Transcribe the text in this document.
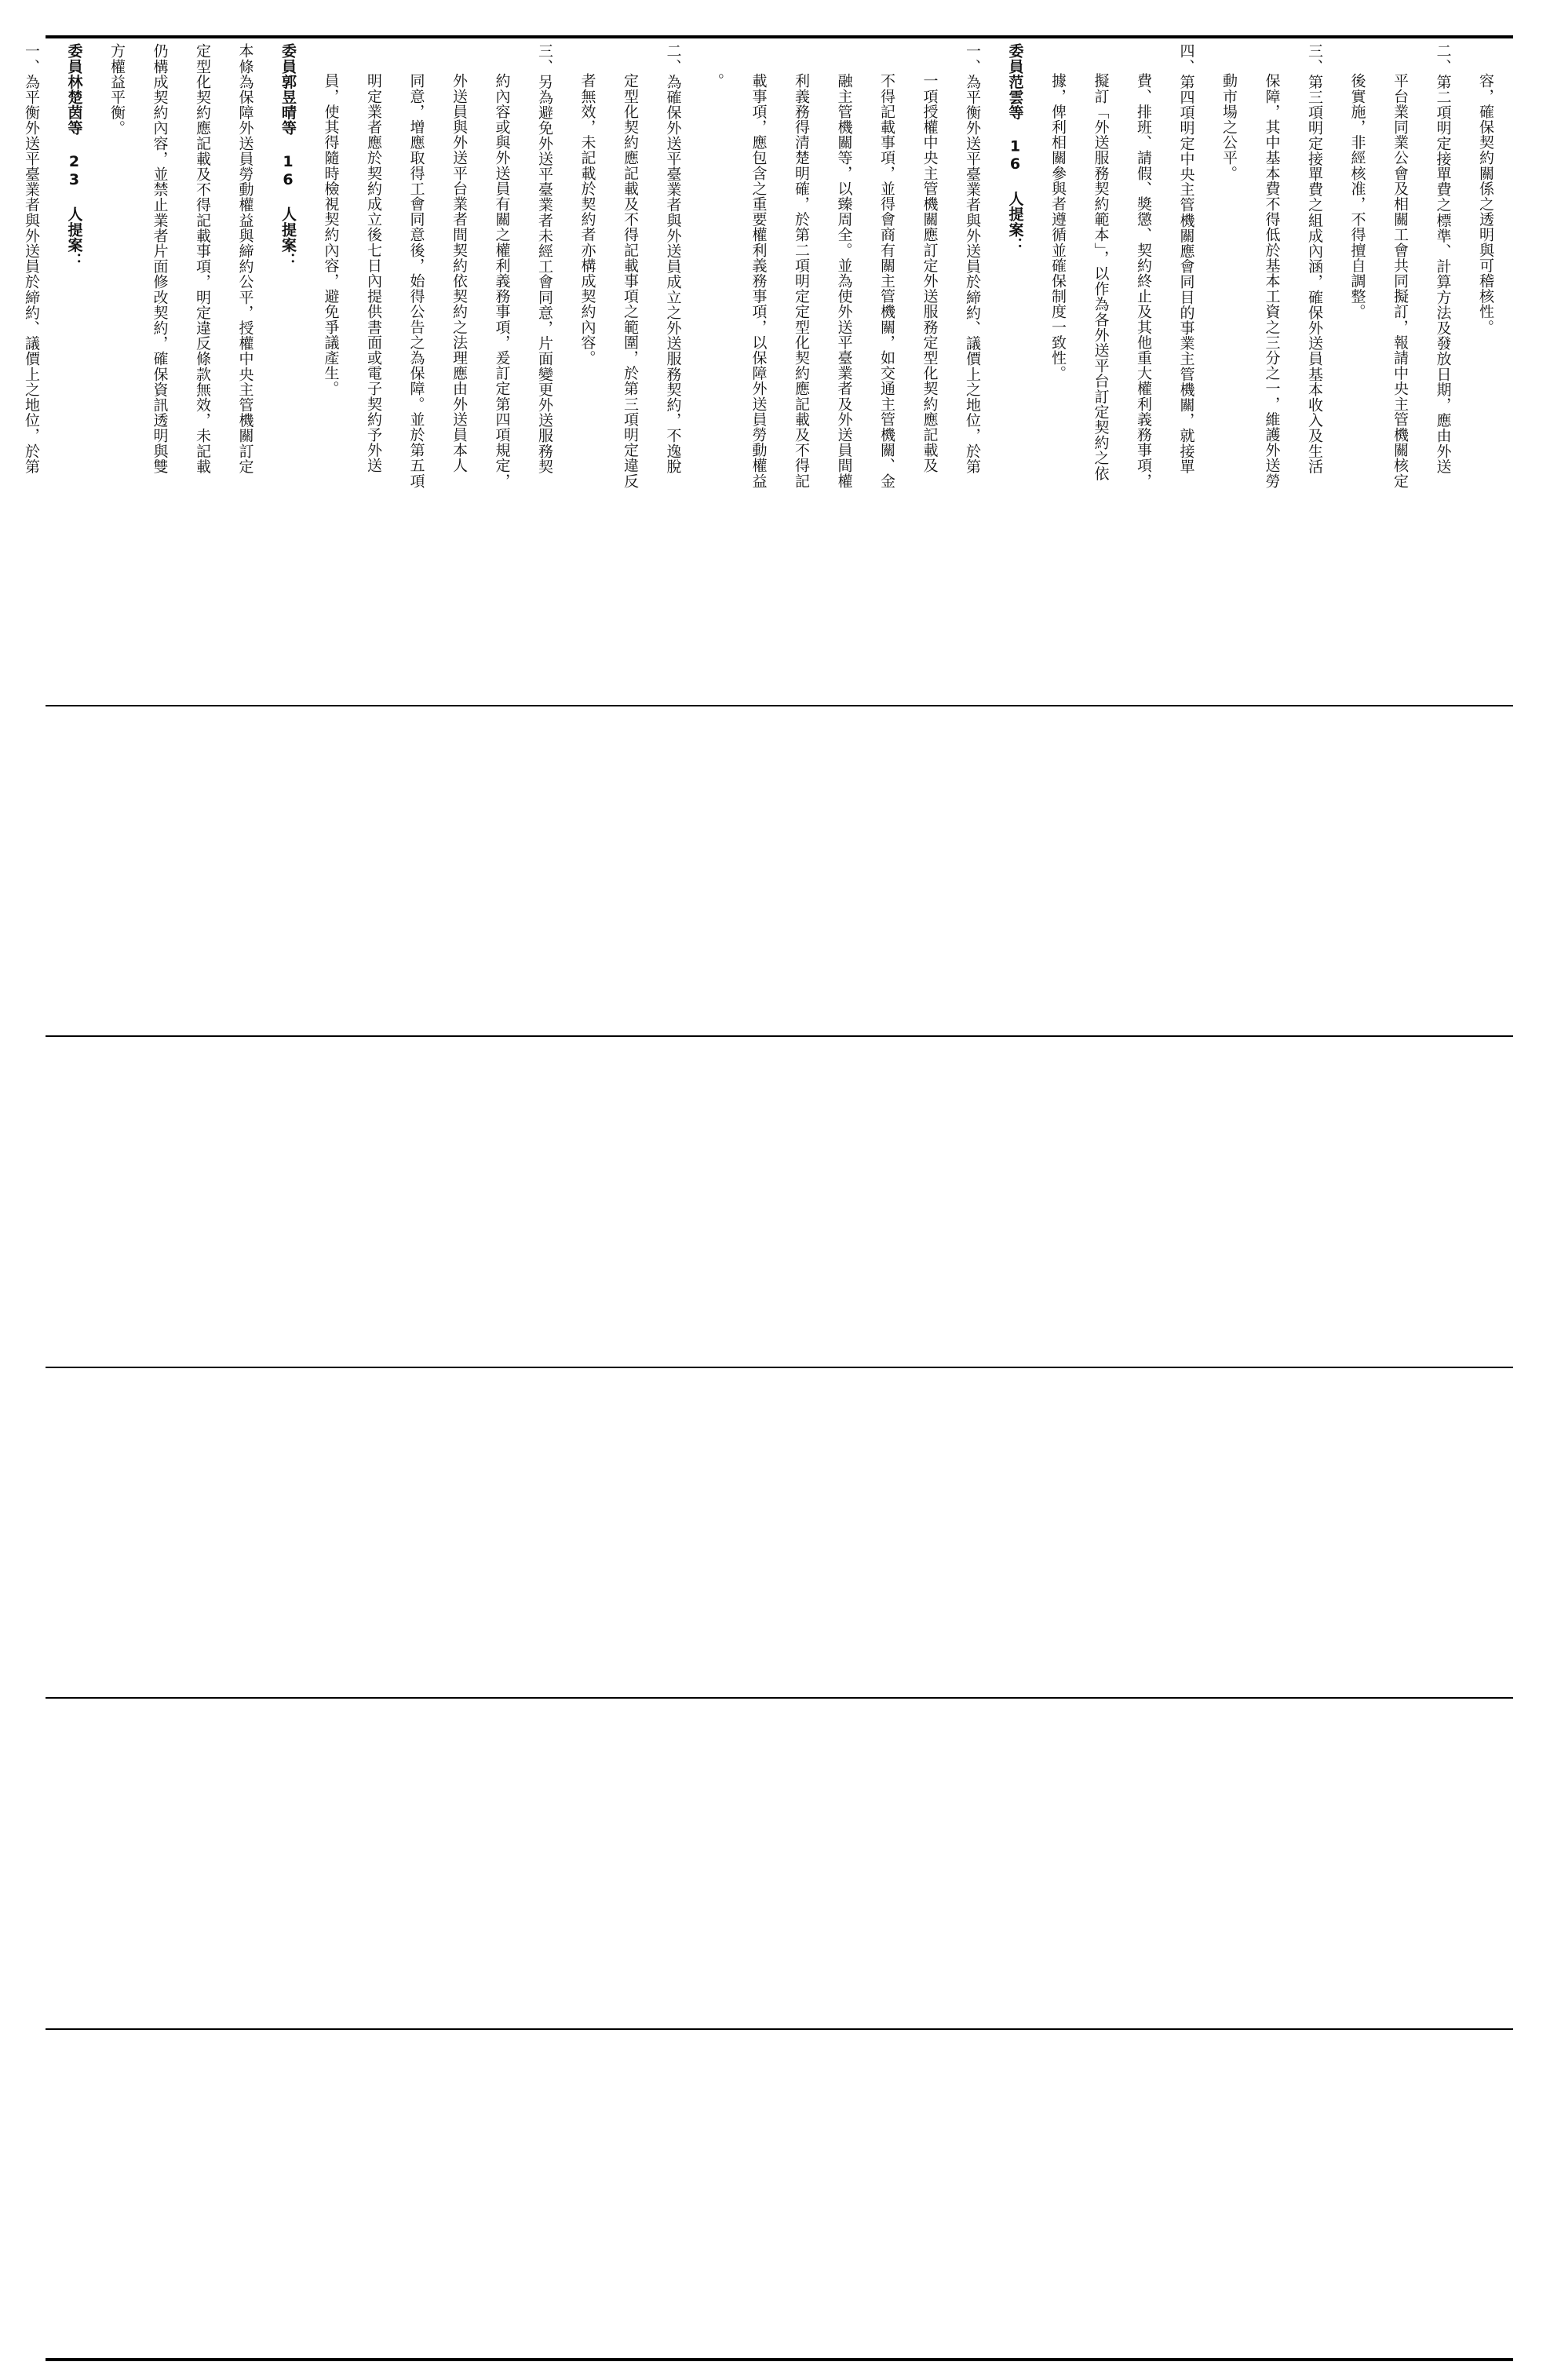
容，確保契約關係之透明與可稽核性。
二、第二項明定接單費之標準、計算方法及發放日期，應由外送
平台業同業公會及相關工會共同擬訂，報請中央主管機關核定
後實施，非經核准，不得擅自調整。
三、第三項明定接單費之組成內涵，確保外送員基本收入及生活
保障，其中基本費不得低於基本工資之三分之一，維護外送勞
動市場之公平。
四、第四項明定中央主管機關應會同目的事業主管機關，就接單
費、排班、請假、獎懲、契約終止及其他重大權利義務事項，
擬訂「外送服務契約範本」，以作為各外送平台訂定契約之依
據，俾利相關參與者遵循並確保制度一致性。
委員范雲等 16 人提案：
一、為平衡外送平臺業者與外送員於締約、議價上之地位，於第
一項授權中央主管機關應訂定外送服務定型化契約應記載及
不得記載事項，並得會商有關主管機關，如交通主管機關、金
融主管機關等，以臻周全。並為使外送平臺業者及外送員間權
利義務得清楚明確，於第二項明定定型化契約應記載及不得記
載事項，應包含之重要權利義務事項，以保障外送員勞動權益
。
二、為確保外送平臺業者與外送員成立之外送服務契約，不逸脫
定型化契約應記載及不得記載事項之範圍，於第三項明定違反
者無效，未記載於契約者亦構成契約內容。
三、另為避免外送平臺業者未經工會同意，片面變更外送服務契
約內容或與外送員有關之權利義務事項，爰訂定第四項規定，
外送員與外送平台業者間契約依契約之法理應由外送員本人
同意，增應取得工會同意後，始得公告之為保障。並於第五項
明定業者應於契約成立後七日內提供書面或電子契約予外送
員，使其得隨時檢視契約內容，避免爭議產生。
委員郭昱晴等 16 人提案：
本條為保障外送員勞動權益與締約公平，授權中央主管機關訂定
定型化契約應記載及不得記載事項，明定違反條款無效，未記載
仍構成契約內容，並禁止業者片面修改契約，確保資訊透明與雙
方權益平衡。
委員林楚茵等 23 人提案：
一、為平衡外送平臺業者與外送員於締約、議價上之地位，於第
